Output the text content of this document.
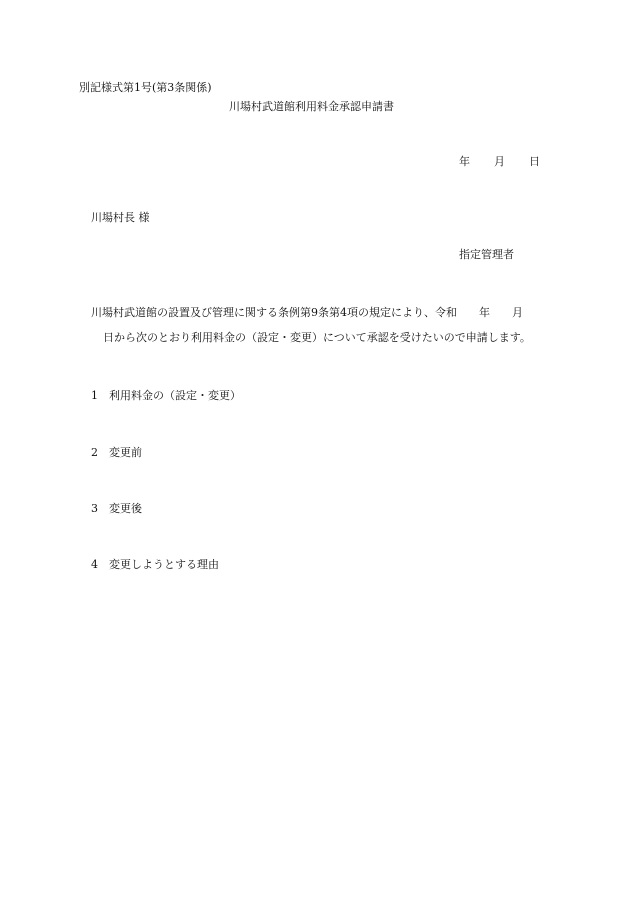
別記様式第1号(第3条関係)
川場村武道館利用料金承認申請書
年 月 日
川場村長 様
指定管理者
川場村武道館の設置及び管理に関する条例第9条第4項の規定により、令和　　年　　月
日から次のとおり利用料金の（設定・変更）について承認を受けたいので申請します。
1 利用料金の（設定・変更）
2 変更前
3 変更後
4 変更しようとする理由
